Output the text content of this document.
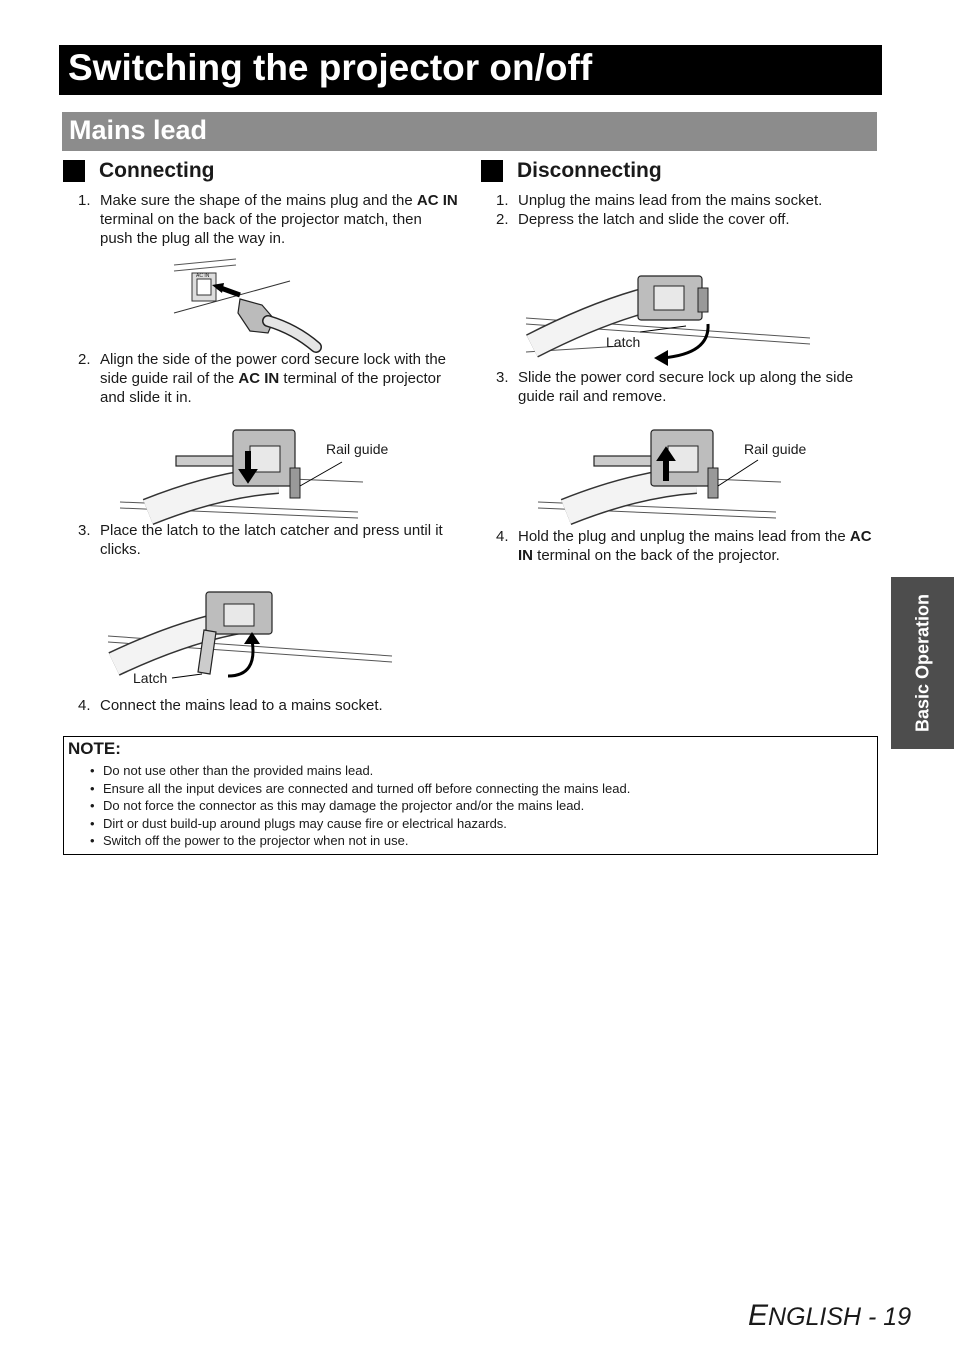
Switching the projector on/off
Mains lead
Connecting	Disconnecting
1. Make sure the shape of the mains plug and the AC IN terminal on the back of the projector match, then push the plug all the way in.
2. Align the side of the power cord secure lock with the side guide rail of the AC IN terminal of the projector and slide it in.
3. Place the latch to the latch catcher and press until it clicks.
4. Connect the mains lead to a mains socket.
1. Unplug the mains lead from the mains socket.
2. Depress the latch and slide the cover off.
3. Slide the power cord secure lock up along the side guide rail and remove.
4. Hold the plug and unplug the mains lead from the AC IN terminal on the back of the projector.
AC IN
Rail guide
Latch
Latch
Rail guide
NOTE:
• Do not use other than the provided mains lead.
• Ensure all the input devices are connected and turned off before connecting the mains lead.
• Do not force the connector as this may damage the projector and/or the mains lead.
• Dirt or dust build-up around plugs may cause fire or electrical hazards.
• Switch off the power to the projector when not in use.
Basic Operation
ENGLISH - 19
